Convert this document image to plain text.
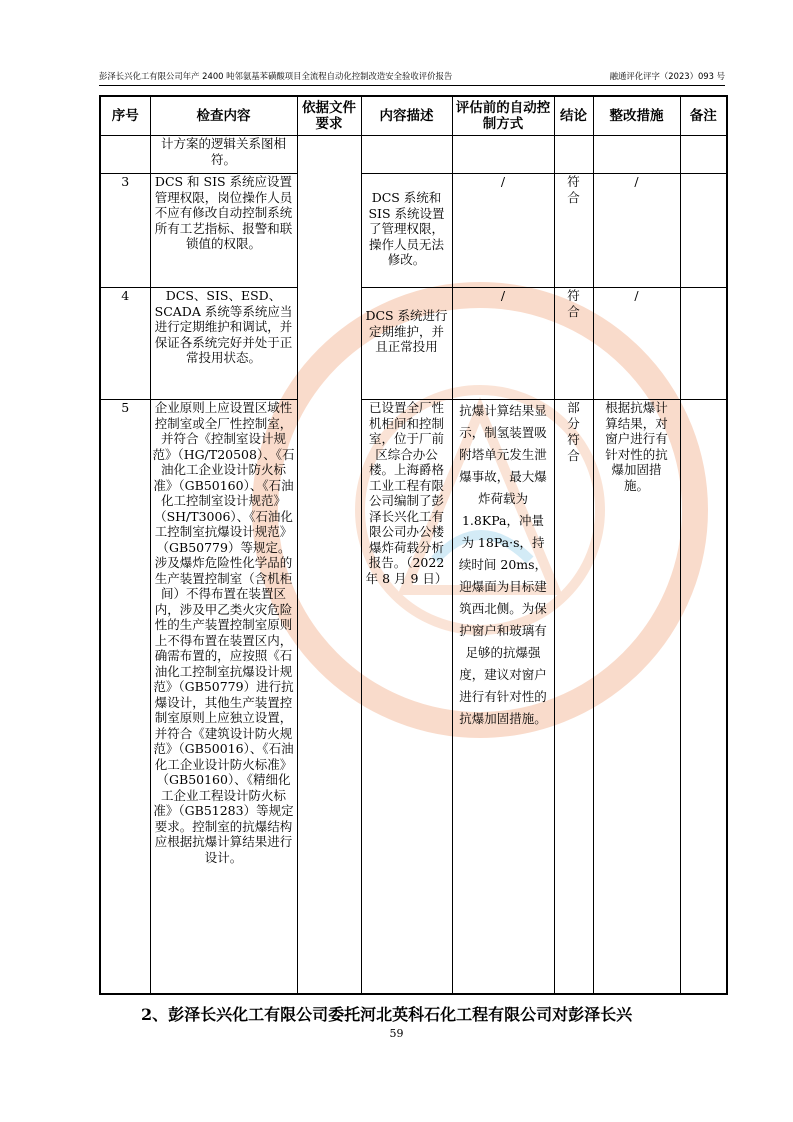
彭泽长兴化工有限公司年产 2400 吨邻氨基苯磺酸项目全流程自动化控制改造安全验收评价报告	融通评化评字（2023）093 号
序号	检查内容	依据文件要求	内容描述	评估前的自动控制方式	结论	整改措施	备注
	计方案的逻辑关系图相符。						
3	DCS 和 SIS 系统应设置管理权限，岗位操作人员不应有修改自动控制系统所有工艺指标、报警和联锁值的权限。		DCS 系统和SIS 系统设置了管理权限，操作人员无法修改。	/	符合	/	
4	DCS、SIS、ESD、SCADA 系统等系统应当进行定期维护和调试，并保证各系统完好并处于正常投用状态。		DCS 系统进行定期维护，并且正常投用	/	符合	/	
5	企业原则上应设置区域性控制室或全厂性控制室，并符合《控制室设计规范》（HG/T20508）、《石油化工企业设计防火标准》（GB50160）、《石油化工控制室设计规范》（SH/T3006）、《石油化工控制室抗爆设计规范》（GB50779）等规定。涉及爆炸危险性化学品的生产装置控制室（含机柜间）不得布置在装置区内，涉及甲乙类火灾危险性的生产装置控制室原则上不得布置在装置区内，确需布置的，应按照《石油化工控制室抗爆设计规范》（GB50779）进行抗爆设计，其他生产装置控制室原则上应独立设置，并符合《建筑设计防火规范》（GB50016）、《石油化工企业设计防火标准》（GB50160）、《精细化工企业工程设计防火标准》（GB51283）等规定要求。控制室的抗爆结构应根据抗爆计算结果进行设计。		已设置全厂性机柜间和控制室，位于厂前区综合办公楼。上海爵格工业工程有限公司编制了彭泽长兴化工有限公司办公楼爆炸荷载分析报告。（2022 年 8 月 9 日）	抗爆计算结果显示，制氢装置吸附塔单元发生泄爆事故，最大爆炸荷载为 1.8KPa，冲量为 18Pa·s，持续时间 20ms，迎爆面为目标建筑西北侧。为保护窗户和玻璃有足够的抗爆强度，建议对窗户进行有针对性的抗爆加固措施。	部分符合	根据抗爆计算结果，对窗户进行有针对性的抗爆加固措施。	
2、彭泽长兴化工有限公司委托河北英科石化工程有限公司对彭泽长兴
59
